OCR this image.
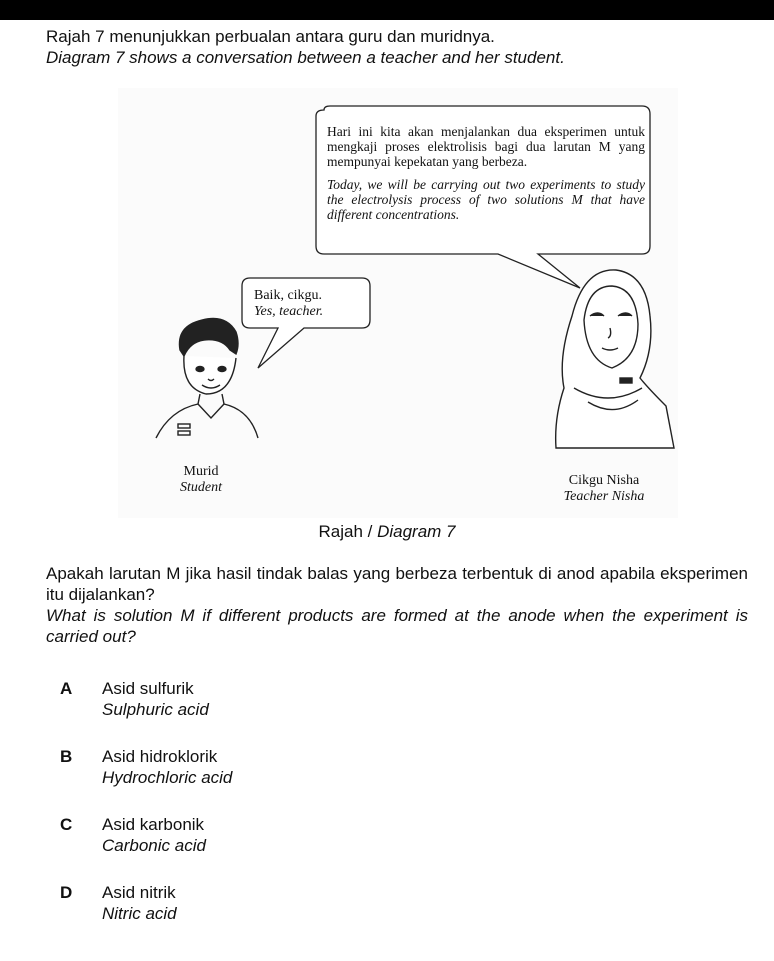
Rajah 7 menunjukkan perbualan antara guru dan muridnya.
Diagram 7 shows a conversation between a teacher and her student.
Hari ini kita akan menjalankan dua eksperimen untuk mengkaji proses elektrolisis bagi dua larutan M yang mempunyai kepekatan yang berbeza.
Today, we will be carrying out two experiments to study the electrolysis process of two solutions M that have different concentrations.
Baik, cikgu.
Yes, teacher.
Murid
Student	Cikgu Nisha
Teacher Nisha
Rajah / Diagram 7
Apakah larutan M jika hasil tindak balas yang berbeza terbentuk di anod apabila eksperimen itu dijalankan?
What is solution M if different products are formed at the anode when the experiment is carried out?
A	Asid sulfurik
Sulphuric acid
B	Asid hidroklorik
Hydrochloric acid
C	Asid karbonik
Carbonic acid
D	Asid nitrik
Nitric acid
